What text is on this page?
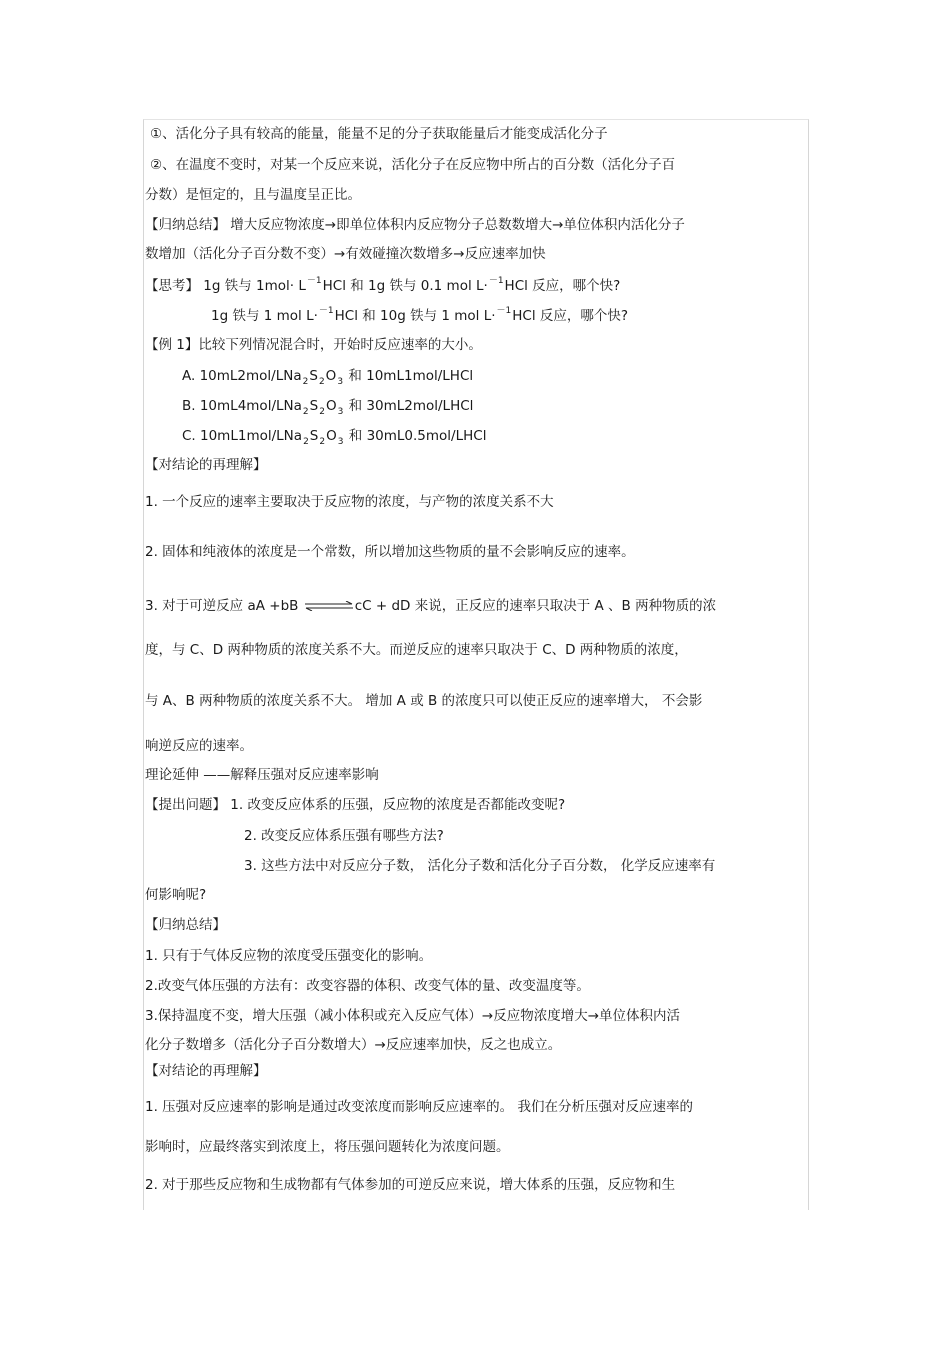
①、活化分子具有较高的能量，能量不足的分子获取能量后才能变成活化分子
②、在温度不变时，对某一个反应来说，活化分子在反应物中所占的百分数（活化分子百
分数）是恒定的，且与温度呈正比。
【归纳总结】 增大反应物浓度→即单位体积内反应物分子总数数增大→单位体积内活化分子
数增加（活化分子百分数不变）→有效碰撞次数增多→反应速率加快
【思考】 1g 铁与 $1mol\cdot L^{-1}HCl$ 和 1g 铁与 0.1 mol L·$^{-1}$HCl 反应，哪个快?
1g 铁与 1 mol L·$^{-1}$HCl 和 10g 铁与 1 mol L·$^{-1}$HCl 反应，哪个快?
【例 1】比较下列情况混合时，开始时反应速率的大小。
A. $10mL2mol/LNa_2S_2O_3$ 和 10mL1mol/LHCl
B. $10mL4mol/LNa_2S_2O_3$ 和 30mL2mol/LHCl
C. $10mL1mol/LNa_2S_2O_3$ 和 30mL0.5mol/LHCl
【对结论的再理解】
1. 一个反应的速率主要取决于反应物的浓度，与产物的浓度关系不大
2. 固体和纯液体的浓度是一个常数，所以增加这些物质的量不会影响反应的速率。
3. 对于可逆反应 aA +bB ⇌cC + dD 来说，正反应的速率只取决于 A 、B 两种物质的浓
度，与 C、D 两种物质的浓度关系不大。而逆反应的速率只取决于 C、D 两种物质的浓度，
与 A、B 两种物质的浓度关系不大。 增加 A 或 B 的浓度只可以使正反应的速率增大， 不会影
响逆反应的速率。
理论延伸 ——解释压强对反应速率影响
【提出问题】 1. 改变反应体系的压强，反应物的浓度是否都能改变呢?
2. 改变反应体系压强有哪些方法?
3. 这些方法中对反应分子数， 活化分子数和活化分子百分数， 化学反应速率有
何影响呢?
【归纳总结】
1. 只有于气体反应物的浓度受压强变化的影响。
2.改变气体压强的方法有：改变容器的体积、改变气体的量、改变温度等。
3.保持温度不变，增大压强（减小体积或充入反应气体）→反应物浓度增大→单位体积内活
化分子数增多（活化分子百分数增大）→反应速率加快，反之也成立。
【对结论的再理解】
1. 压强对反应速率的影响是通过改变浓度而影响反应速率的。 我们在分析压强对反应速率的
影响时，应最终落实到浓度上，将压强问题转化为浓度问题。
2. 对于那些反应物和生成物都有气体参加的可逆反应来说，增大体系的压强，反应物和生
